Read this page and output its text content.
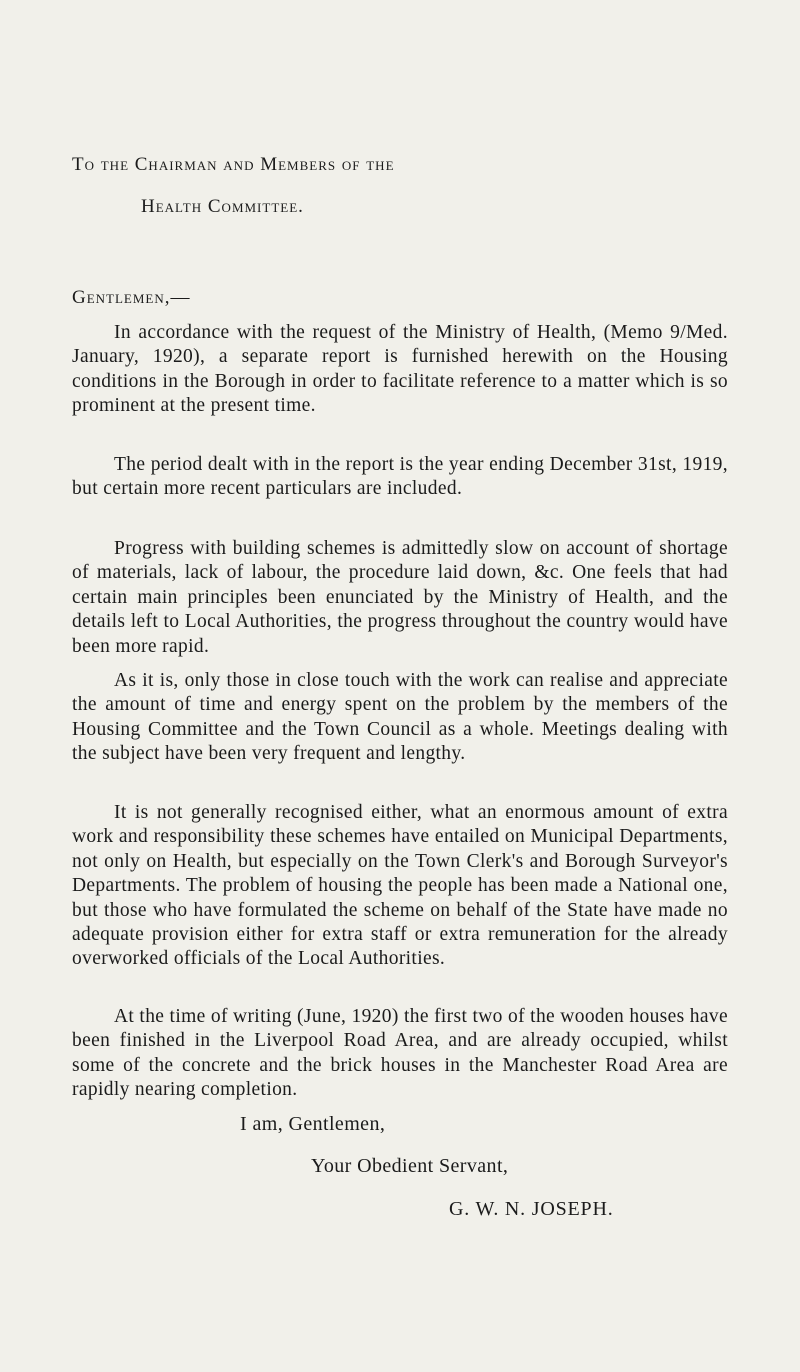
To the Chairman and Members of the
Health Committee.
Gentlemen,—

In accordance with the request of the Ministry of Health, (Memo 9/Med. January, 1920), a separate report is furnished herewith on the Housing conditions in the Borough in order to facilitate reference to a matter which is so prominent at the present time.

The period dealt with in the report is the year ending December 31st, 1919, but certain more recent particulars are included.

Progress with building schemes is admittedly slow on account of shortage of materials, lack of labour, the procedure laid down, &c. One feels that had certain main principles been enunciated by the Ministry of Health, and the details left to Local Authorities, the progress throughout the country would have been more rapid.

As it is, only those in close touch with the work can realise and appreciate the amount of time and energy spent on the problem by the members of the Housing Committee and the Town Council as a whole. Meetings dealing with the subject have been very frequent and lengthy.

It is not generally recognised either, what an enormous amount of extra work and responsibility these schemes have entailed on Municipal Departments, not only on Health, but especially on the Town Clerk's and Borough Surveyor's Departments. The problem of housing the people has been made a National one, but those who have formulated the scheme on behalf of the State have made no adequate provision either for extra staff or extra remuneration for the already overworked officials of the Local Authorities.

At the time of writing (June, 1920) the first two of the wooden houses have been finished in the Liverpool Road Area, and are already occupied, whilst some of the concrete and the brick houses in the Manchester Road Area are rapidly nearing completion.

I am, Gentlemen,
Your Obedient Servant,
G. W. N. JOSEPH.
